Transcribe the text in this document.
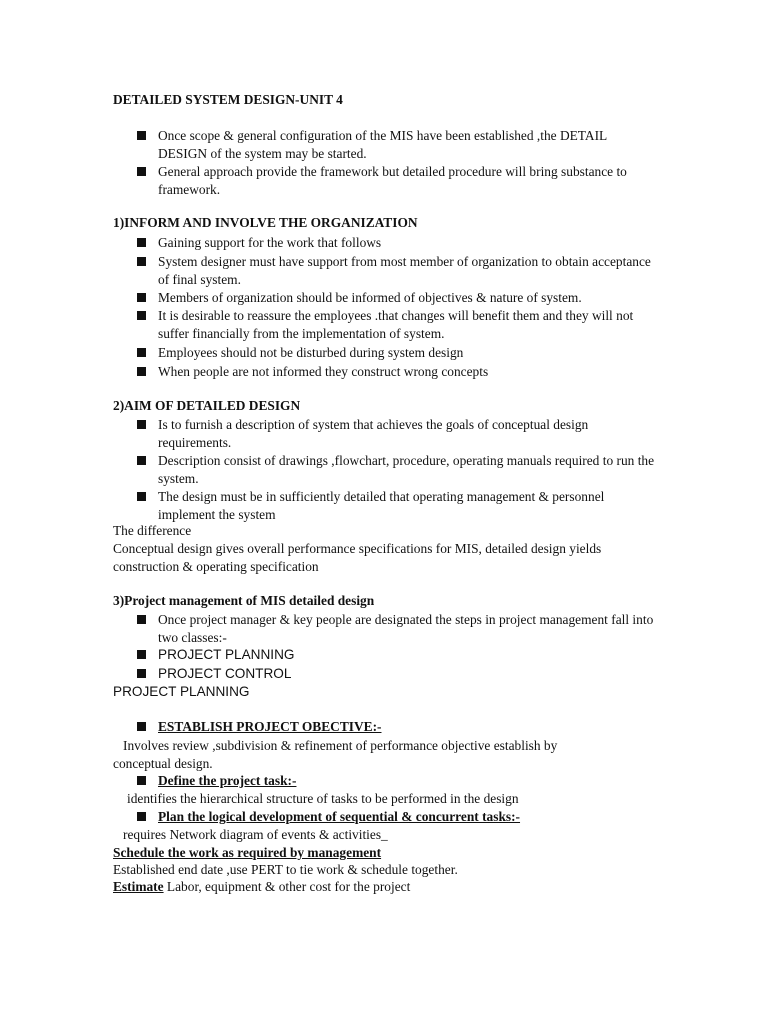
DETAILED SYSTEM DESIGN-UNIT 4
Once scope & general configuration of the MIS have been established ,the DETAIL DESIGN of the system may be started.
General approach provide the framework but detailed procedure will bring substance to framework.
1)INFORM AND INVOLVE THE ORGANIZATION
Gaining support for the work that follows
System designer must have support from most member of organization to obtain acceptance of final system.
Members of organization should be informed of objectives & nature of system.
It is desirable to reassure the employees .that changes will benefit them and they will not suffer financially from the implementation of system.
Employees should not be disturbed during system design
When people are not informed they construct wrong concepts
2)AIM OF DETAILED DESIGN
Is to furnish a description of system that achieves the goals of conceptual design requirements.
Description consist of drawings ,flowchart, procedure, operating manuals required to run the system.
The design must be in sufficiently detailed that operating management & personnel implement the system
The difference
Conceptual design gives overall performance specifications for MIS, detailed design yields construction & operating specification
3)Project management of MIS detailed design
Once project manager & key people are designated the steps in project management fall into two classes:-
PROJECT PLANNING
PROJECT CONTROL
PROJECT PLANNING
ESTABLISH PROJECT OBECTIVE:-
Involves review ,subdivision & refinement of performance objective establish by conceptual design.
Define the project task:-
identifies the hierarchical structure of tasks to be performed in the design
Plan the logical development of sequential & concurrent tasks:-
requires Network diagram of events & activities_
Schedule the work as required by management
Established end date ,use PERT to tie work & schedule together.
Estimate Labor, equipment & other cost for the project
